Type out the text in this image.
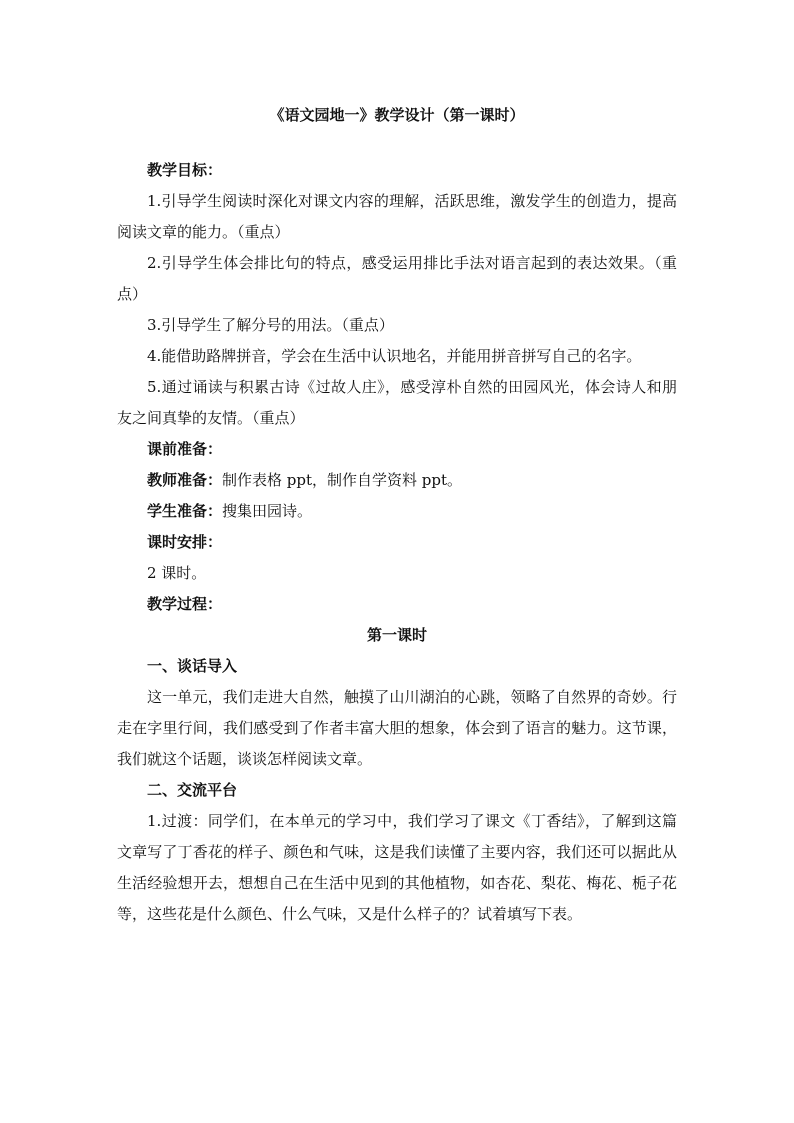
《语文园地一》教学设计（第一课时）

教学目标：

1.引导学生阅读时深化对课文内容的理解，活跃思维，激发学生的创造力，提高阅读文章的能力。（重点）

2.引导学生体会排比句的特点，感受运用排比手法对语言起到的表达效果。（重点）

3.引导学生了解分号的用法。（重点）

4.能借助路牌拼音，学会在生活中认识地名，并能用拼音拼写自己的名字。

5.通过诵读与积累古诗《过故人庄》，感受淳朴自然的田园风光，体会诗人和朋友之间真挚的友情。（重点）

课前准备：

教师准备：制作表格 ppt，制作自学资料 ppt。

学生准备：搜集田园诗。

课时安排：

2 课时。

教学过程：

第一课时

一、谈话导入

这一单元，我们走进大自然，触摸了山川湖泊的心跳，领略了自然界的奇妙。行走在字里行间，我们感受到了作者丰富大胆的想象，体会到了语言的魅力。这节课，我们就这个话题，谈谈怎样阅读文章。

二、交流平台

1.过渡：同学们，在本单元的学习中，我们学习了课文《丁香结》，了解到这篇文章写了丁香花的样子、颜色和气味，这是我们读懂了主要内容，我们还可以据此从生活经验想开去，想想自己在生活中见到的其他植物，如杏花、梨花、梅花、栀子花等，这些花是什么颜色、什么气味，又是什么样子的？试着填写下表。
